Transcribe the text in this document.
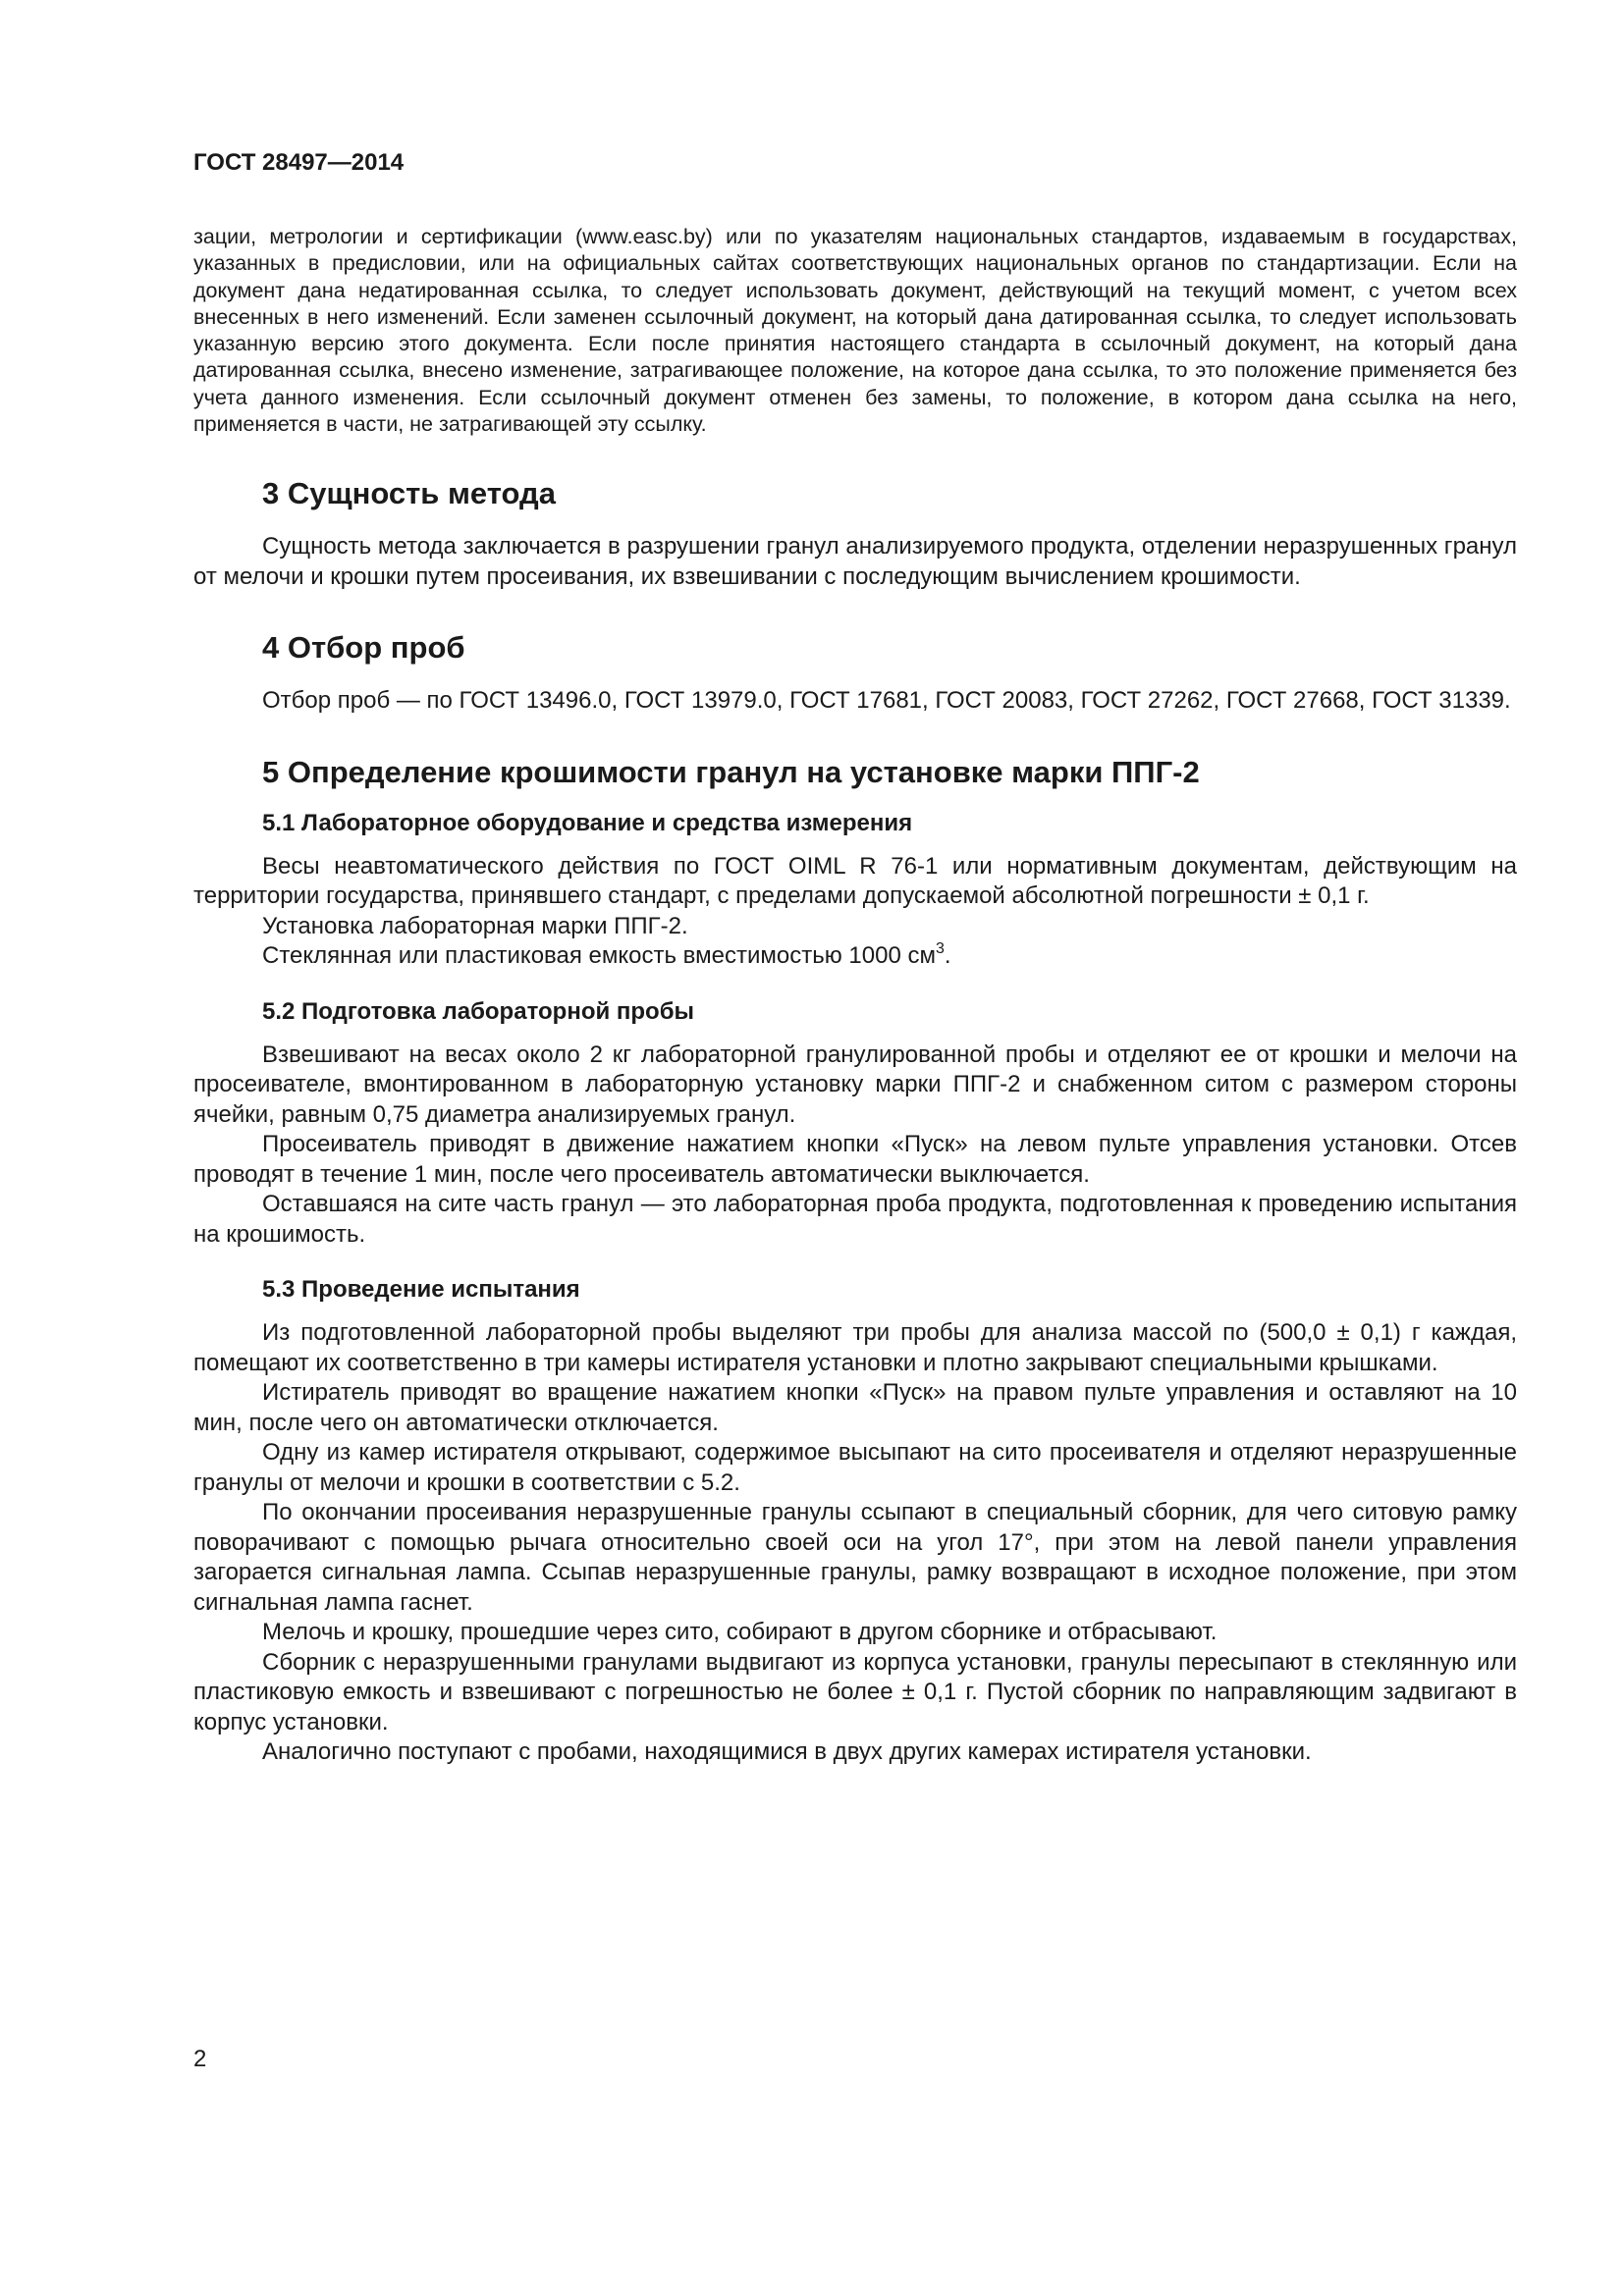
ГОСТ 28497—2014

зации, метрологии и сертификации (www.easc.by) или по указателям национальных стандартов, издаваемым в государствах, указанных в предисловии, или на официальных сайтах соответствующих национальных органов по стандартизации. Если на документ дана недатированная ссылка, то следует использовать документ, действующий на текущий момент, с учетом всех внесенных в него изменений. Если заменен ссылочный документ, на который дана датированная ссылка, то следует использовать указанную версию этого документа. Если после принятия настоящего стандарта в ссылочный документ, на который дана датированная ссылка, внесено изменение, затрагивающее положение, на которое дана ссылка, то это положение применяется без учета данного изменения. Если ссылочный документ отменен без замены, то положение, в котором дана ссылка на него, применяется в части, не затрагивающей эту ссылку.

3 Сущность метода

Сущность метода заключается в разрушении гранул анализируемого продукта, отделении неразрушенных гранул от мелочи и крошки путем просеивания, их взвешивании с последующим вычислением крошимости.

4 Отбор проб

Отбор проб — по ГОСТ 13496.0, ГОСТ 13979.0, ГОСТ 17681, ГОСТ 20083, ГОСТ 27262, ГОСТ 27668, ГОСТ 31339.

5 Определение крошимости гранул на установке марки ППГ-2
5.1 Лабораторное оборудование и средства измерения

Весы неавтоматического действия по ГОСТ OIML R 76-1 или нормативным документам, действующим на территории государства, принявшего стандарт, с пределами допускаемой абсолютной погрешности ± 0,1 г.

Установка лабораторная марки ППГ-2.

Стеклянная или пластиковая емкость вместимостью 1000 $см^3$.

5.2 Подготовка лабораторной пробы

Взвешивают на весах около 2 кг лабораторной гранулированной пробы и отделяют ее от крошки и мелочи на просеивателе, вмонтированном в лабораторную установку марки ППГ-2 и снабженном ситом с размером стороны ячейки, равным 0,75 диаметра анализируемых гранул.

Просеиватель приводят в движение нажатием кнопки «Пуск» на левом пульте управления установки. Отсев проводят в течение 1 мин, после чего просеиватель автоматически выключается.

Оставшаяся на сите часть гранул — это лабораторная проба продукта, подготовленная к проведению испытания на крошимость.

5.3 Проведение испытания

Из подготовленной лабораторной пробы выделяют три пробы для анализа массой по (500,0 ± 0,1) г каждая, помещают их соответственно в три камеры истирателя установки и плотно закрывают специальными крышками.

Истиратель приводят во вращение нажатием кнопки «Пуск» на правом пульте управления и оставляют на 10 мин, после чего он автоматически отключается.

Одну из камер истирателя открывают, содержимое высыпают на сито просеивателя и отделяют неразрушенные гранулы от мелочи и крошки в соответствии с 5.2.

По окончании просеивания неразрушенные гранулы ссыпают в специальный сборник, для чего ситовую рамку поворачивают с помощью рычага относительно своей оси на угол 17°, при этом на левой панели управления загорается сигнальная лампа. Ссыпав неразрушенные гранулы, рамку возвращают в исходное положение, при этом сигнальная лампа гаснет.

Мелочь и крошку, прошедшие через сито, собирают в другом сборнике и отбрасывают.

Сборник с неразрушенными гранулами выдвигают из корпуса установки, гранулы пересыпают в стеклянную или пластиковую емкость и взвешивают с погрешностью не более ± 0,1 г. Пустой сборник по направляющим задвигают в корпус установки.

Аналогично поступают с пробами, находящимися в двух других камерах истирателя установки.

2
